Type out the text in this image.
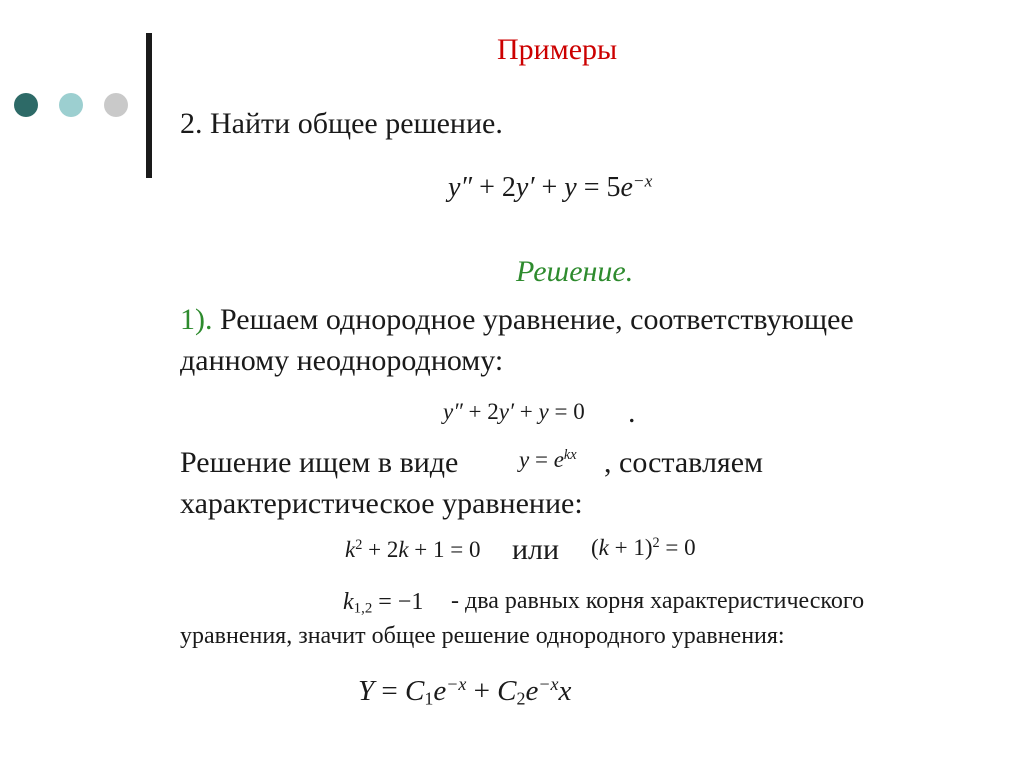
Примеры
2. Найти общее решение.
$y'' + 2y' + y = 5e^{-x}$
Решение.
1). Решаем однородное уравнение, соответствующее
данному неоднородному:
y″ + 2y′ + y = 0 .
Решение ищем в виде	$y = e^{kx}$ , составляем
характеристическое уравнение:
$k^2 + 2k + 1 = 0$ или $(k + 1)^2 = 0$
$k_{1,2} = -1$ - два равных корня характеристического
уравнения, значит общее решение однородного уравнения:
$Y = C_1e^{-x} + C_2e^{-x}x$
